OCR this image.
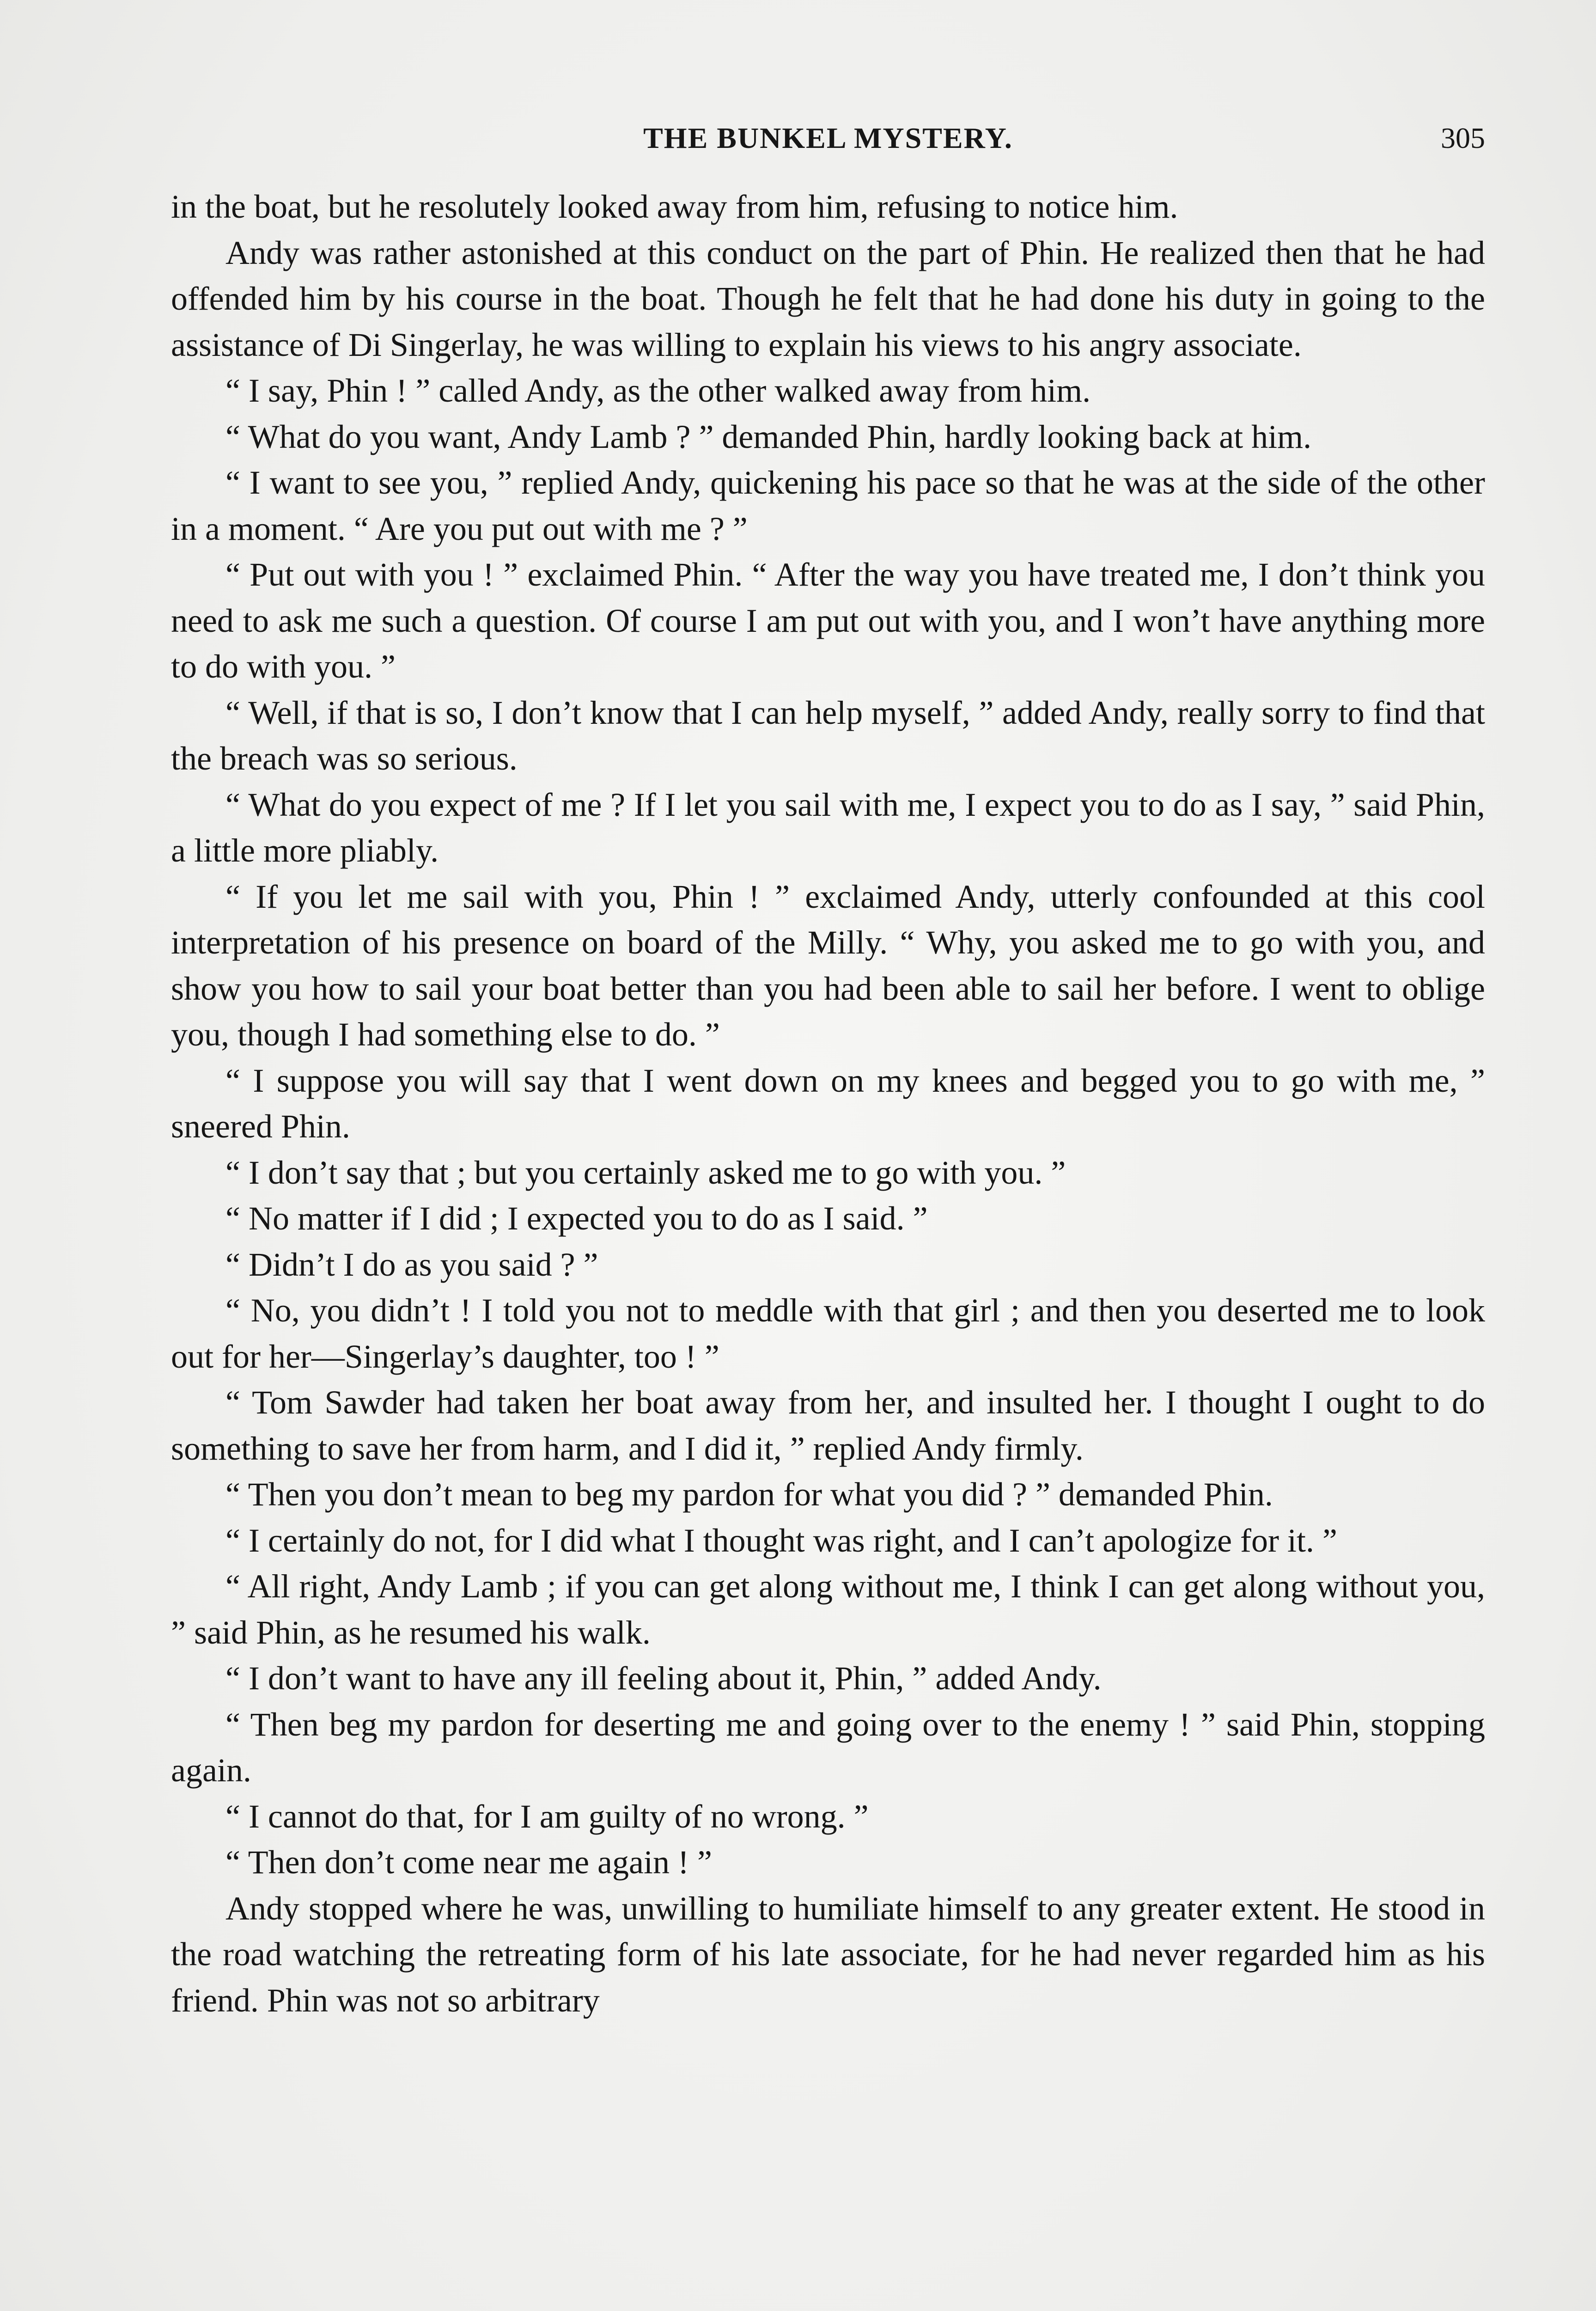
THE BUNKEL MYSTERY.	305

in the boat, but he resolutely looked away from him, refusing to notice him.

Andy was rather astonished at this conduct on the part of Phin. He realized then that he had offended him by his course in the boat. Though he felt that he had done his duty in going to the assistance of Di Singerlay, he was willing to explain his views to his angry associate.

“ I say, Phin ! ” called Andy, as the other walked away from him.

“ What do you want, Andy Lamb ? ” demanded Phin, hardly looking back at him.

“ I want to see you, ” replied Andy, quickening his pace so that he was at the side of the other in a moment. “ Are you put out with me ? ”

“ Put out with you ! ” exclaimed Phin. “ After the way you have treated me, I don’t think you need to ask me such a question. Of course I am put out with you, and I won’t have anything more to do with you. ”

“ Well, if that is so, I don’t know that I can help myself, ” added Andy, really sorry to find that the breach was so serious.

“ What do you expect of me ? If I let you sail with me, I expect you to do as I say, ” said Phin, a little more pliably.

“ If you let me sail with you, Phin ! ” exclaimed Andy, utterly confounded at this cool interpretation of his presence on board of the Milly. “ Why, you asked me to go with you, and show you how to sail your boat better than you had been able to sail her before. I went to oblige you, though I had something else to do. ”

“ I suppose you will say that I went down on my knees and begged you to go with me, ” sneered Phin.

“ I don’t say that ; but you certainly asked me to go with you. ”

“ No matter if I did ; I expected you to do as I said. ”

“ Didn’t I do as you said ? ”

“ No, you didn’t ! I told you not to meddle with that girl ; and then you deserted me to look out for her—Singerlay’s daughter, too ! ”

“ Tom Sawder had taken her boat away from her, and insulted her. I thought I ought to do something to save her from harm, and I did it, ” replied Andy firmly.

“ Then you don’t mean to beg my pardon for what you did ? ” demanded Phin.

“ I certainly do not, for I did what I thought was right, and I can’t apologize for it. ”

“ All right, Andy Lamb ; if you can get along without me, I think I can get along without you, ” said Phin, as he resumed his walk.

“ I don’t want to have any ill feeling about it, Phin, ” added Andy.

“ Then beg my pardon for deserting me and going over to the enemy ! ” said Phin, stopping again.

“ I cannot do that, for I am guilty of no wrong. ”

“ Then don’t come near me again ! ”

Andy stopped where he was, unwilling to humiliate himself to any greater extent. He stood in the road watching the retreating form of his late associate, for he had never regarded him as his friend. Phin was not so arbitrary
